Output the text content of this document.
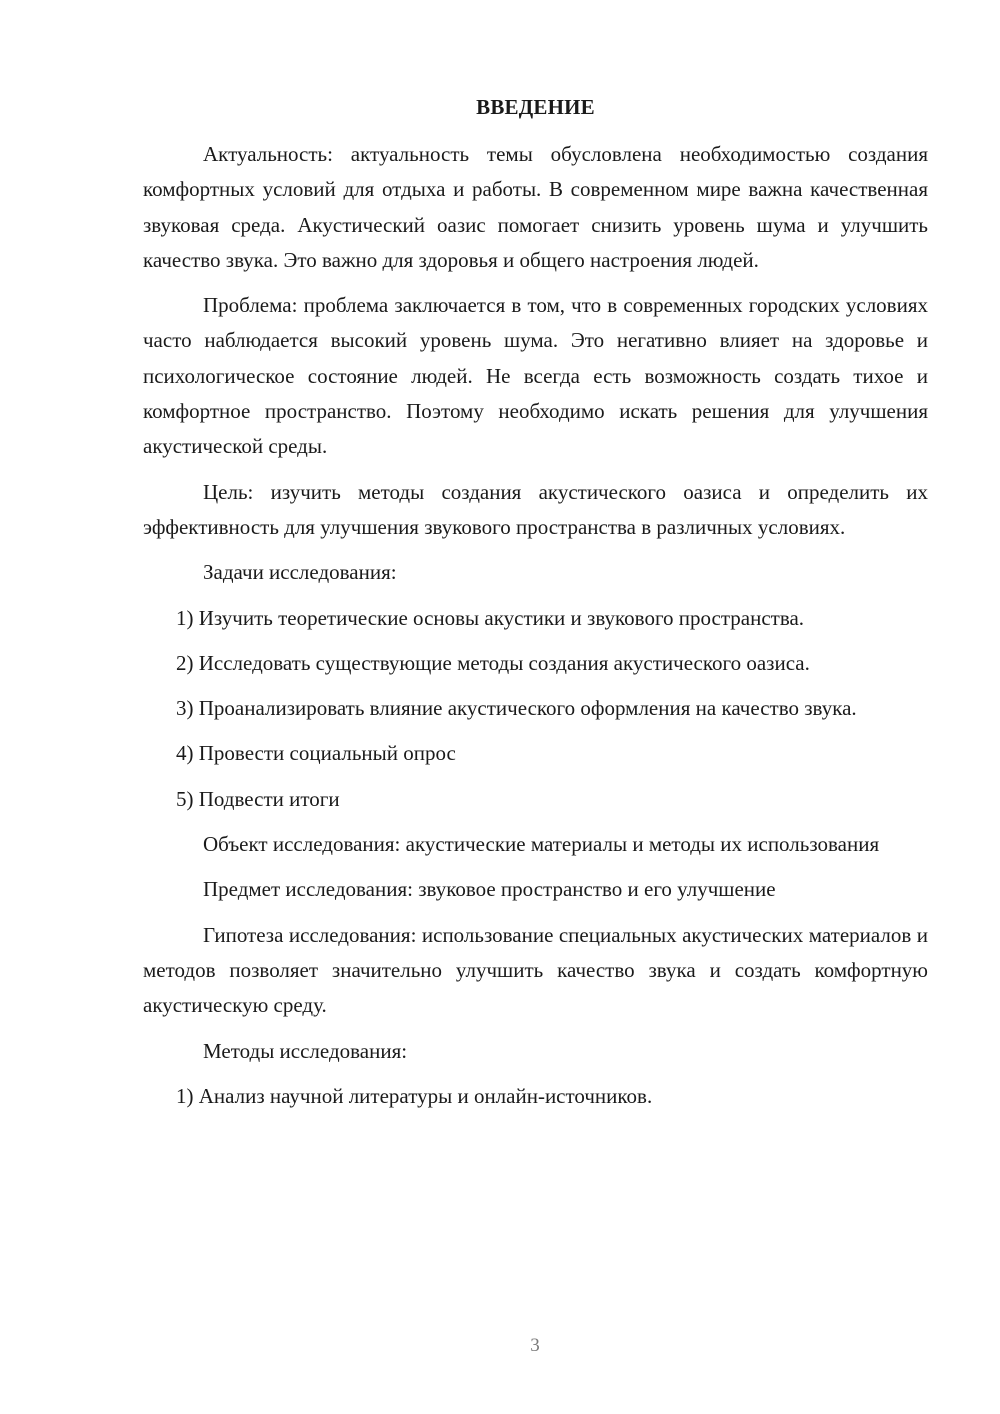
ВВЕДЕНИЕ

Актуальность: актуальность темы обусловлена необходимостью создания комфортных условий для отдыха и работы. В современном мире важна качественная звуковая среда. Акустический оазис помогает снизить уровень шума и улучшить качество звука. Это важно для здоровья и общего настроения людей.

Проблема: проблема заключается в том, что в современных городских условиях часто наблюдается высокий уровень шума. Это негативно влияет на здоровье и психологическое состояние людей. Не всегда есть возможность создать тихое и комфортное пространство. Поэтому необходимо искать решения для улучшения акустической среды.

Цель: изучить методы создания акустического оазиса и определить их эффективность для улучшения звукового пространства в различных условиях.

Задачи исследования:

1) Изучить теоретические основы акустики и звукового пространства.

2) Исследовать существующие методы создания акустического оазиса.

3) Проанализировать влияние акустического оформления на качество звука.

4) Провести социальный опрос

5) Подвести итоги

Объект исследования: акустические материалы и методы их использования

Предмет исследования: звуковое пространство и его улучшение

Гипотеза исследования: использование специальных акустических материалов и методов позволяет значительно улучшить качество звука и создать комфортную акустическую среду.

Методы исследования:

1) Анализ научной литературы и онлайн-источников.

3
